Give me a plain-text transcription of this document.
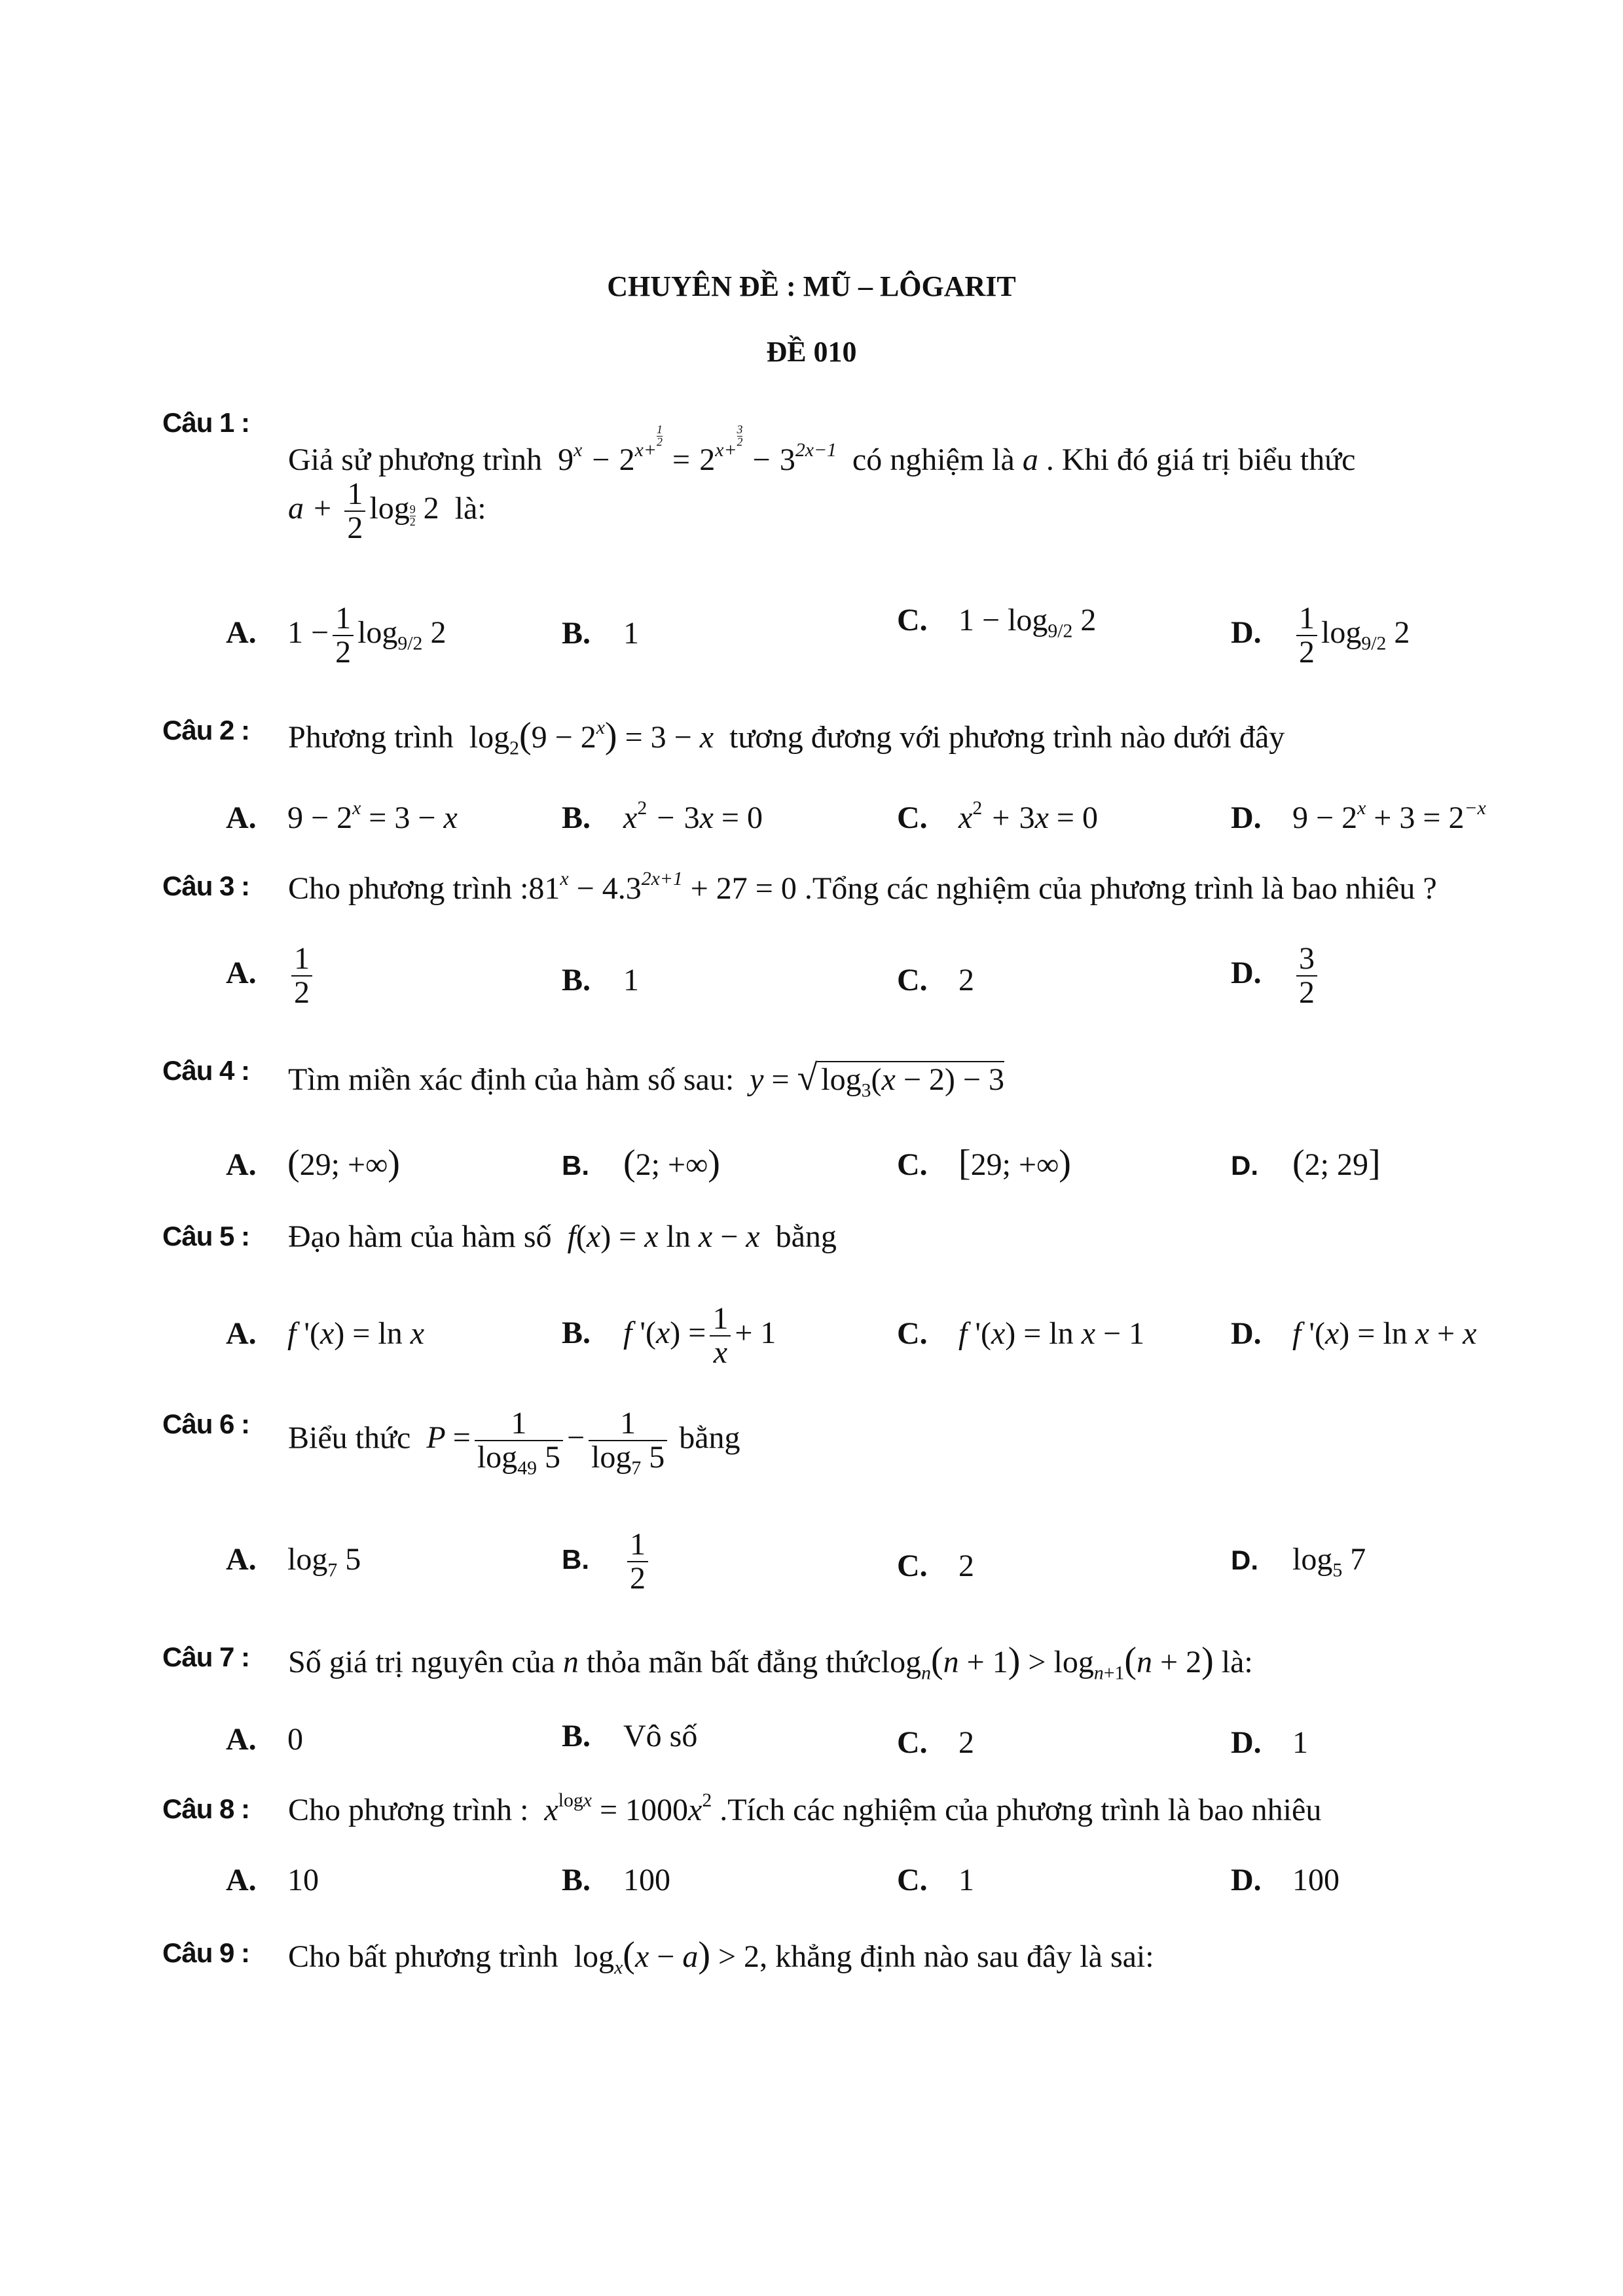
CHUYÊN ĐỀ : MŨ – LÔGARIT
ĐỀ 010
Câu 1 :
Giả sử phương trình $9^x - 2^{x+ \frac{1}{2}}$
= $2^{x+ \frac{3}{2}}$
− $3^{2x-1}$ có nghiệm là a . Khi đó giá trị biểu thức
$a + \frac{1}{2}$ log $_{\frac{9}{2}}$ 2 là:
A. $1 - \frac{1}{2} \log_{9/2} 2$	B. 1	C. $1 - \log_{9/2} 2$	D. $\frac{1}{2} \log_{9/2} 2$
Câu 2 : Phương trình $\log_2(9 - 2^x) = 3 - x$ tương đương với phương trình nào dưới đây
A. $9 - 2^x = 3 - x$	B. $x^2 - 3x = 0$	C. $x^2 + 3x = 0$	D. $9 - 2^x + 3 = 2^{-x}$
Câu 3 : Cho phương trình $:81^x - 4.3^{2x+1} + 27 = 0$ .Tổng các nghiệm của phương trình là bao nhiêu ?
A. $\frac{1}{2}$	B. 1	C. 2	D. $\frac{3}{2}$
Câu 4 : Tìm miền xác định của hàm số sau:  y = √ $\log_3(x - 2) - 3$
A. (29; +∞)	B. (2; +∞)	C. [29; +∞)	D. (2; 29]
Câu 5 : Đạo hàm của hàm số  f(x) = x ln x − x bằng
A. f '(x) = ln x	B. f '$(x) = \frac{1}{x} + 1$	C. f '(x) = ln x − 1	D. f '(x) = ln x + x
Câu 6 : Biểu thức  $P = \frac{1}{\log_{49} 5} - \frac{1}{\log_7 5}$ bằng
A. $\log_7 5$	B. $\frac{1}{2}$	C. 2	D. $\log_5 7$
Câu 7 : Số giá trị nguyên của n thỏa mãn bất đẳng thứclog$_n$(n + $1) > \log_{n+1}(n + 2)$ là:
A. 0	B. Vô số	C. 2	D. 1
Câu 8 : Cho phương trình :  $x^{logx} = 1000x^2$ .Tích các nghiệm của phương trình là bao nhiêu
A. 10	B. 100	C. 1	D. 100
Câu 9 : Cho bất phương trình $\log_x(x - a) > 2$, khẳng định nào sau đây là sai:
